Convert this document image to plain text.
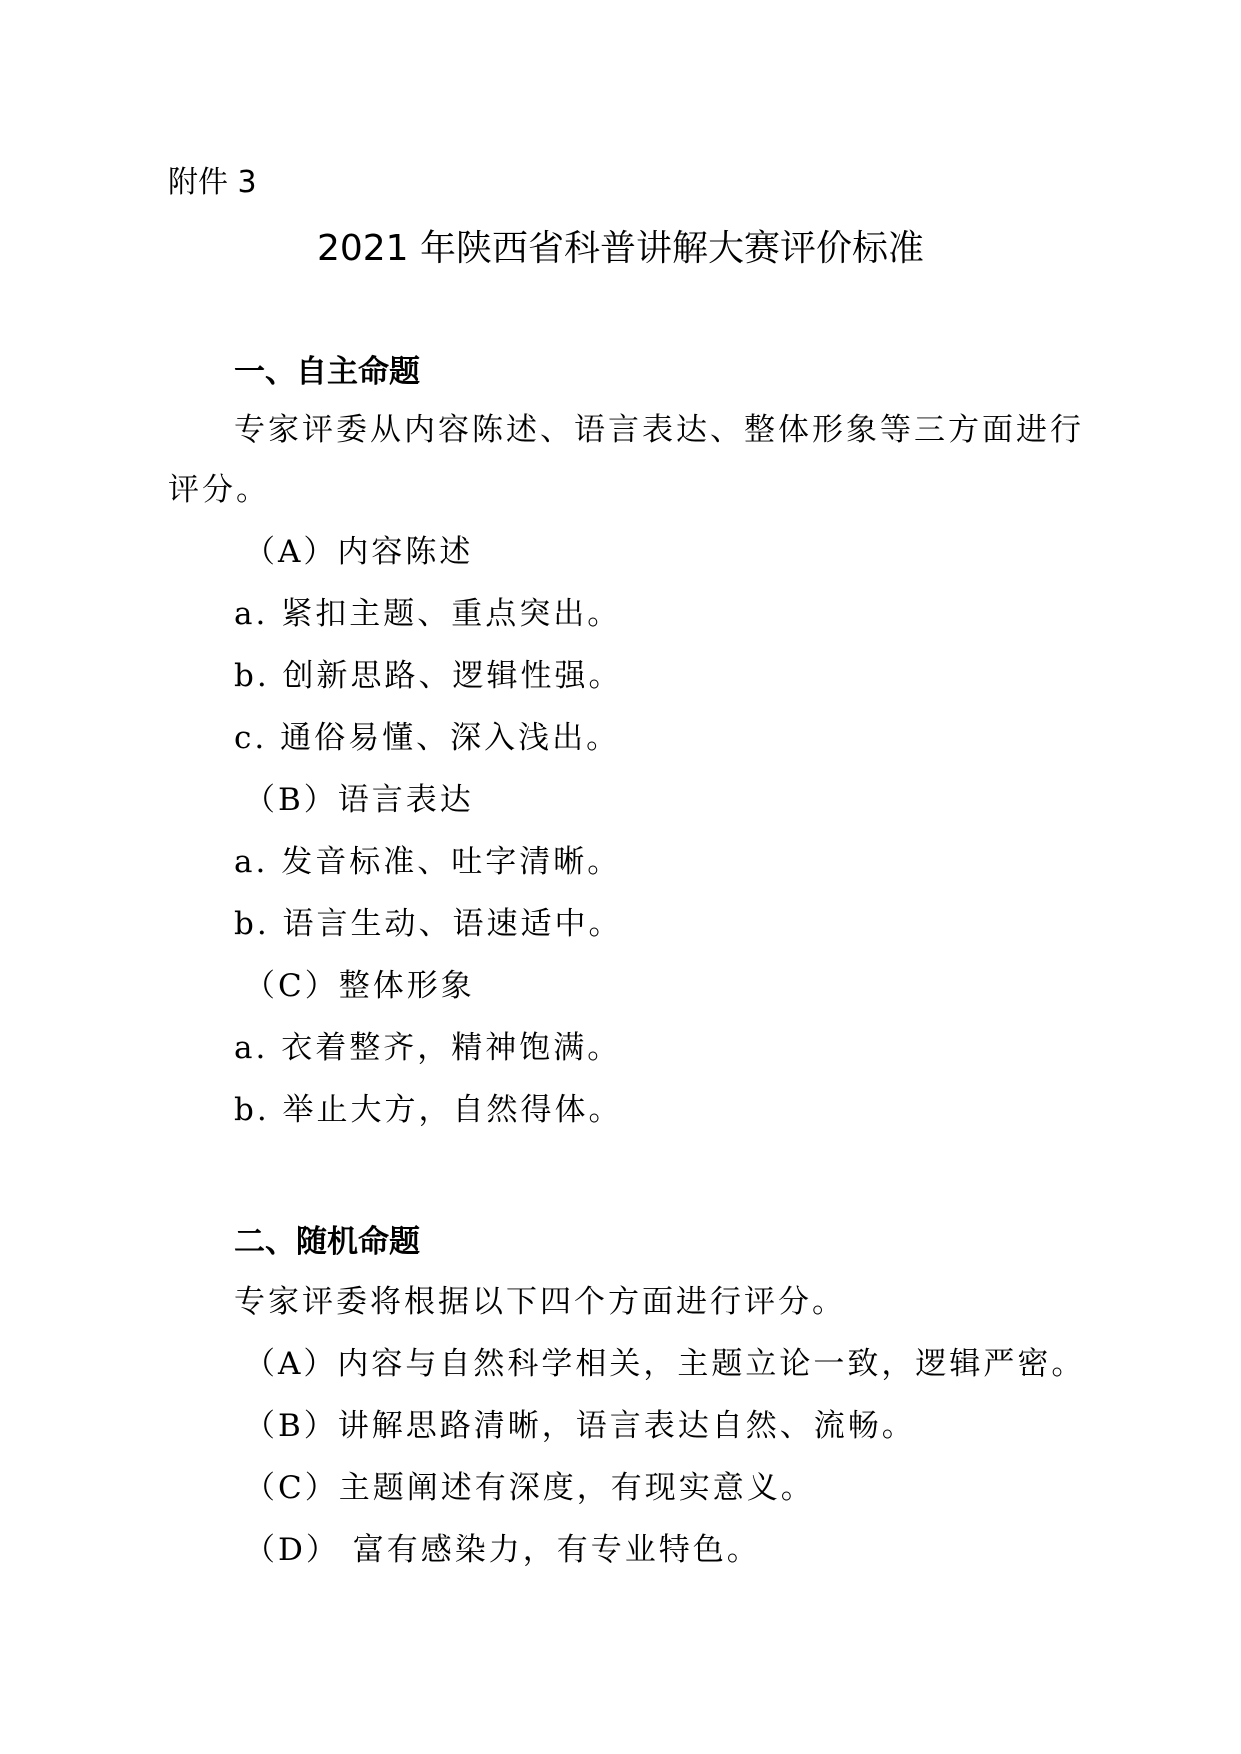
附件 3
2021 年陕西省科普讲解大赛评价标准
一、自主命题
专家评委从内容陈述、语言表达、整体形象等三方面进行
评分。
（A）内容陈述
a. 紧扣主题、重点突出。
b. 创新思路、逻辑性强。
c. 通俗易懂、深入浅出。
（B）语言表达
a. 发音标准、吐字清晰。
b. 语言生动、语速适中。
（C）整体形象
a. 衣着整齐，精神饱满。
b. 举止大方，自然得体。
二、随机命题
专家评委将根据以下四个方面进行评分。
（A）内容与自然科学相关，主题立论一致，逻辑严密。
（B）讲解思路清晰，语言表达自然、流畅。
（C）主题阐述有深度，有现实意义。
（D） 富有感染力，有专业特色。
